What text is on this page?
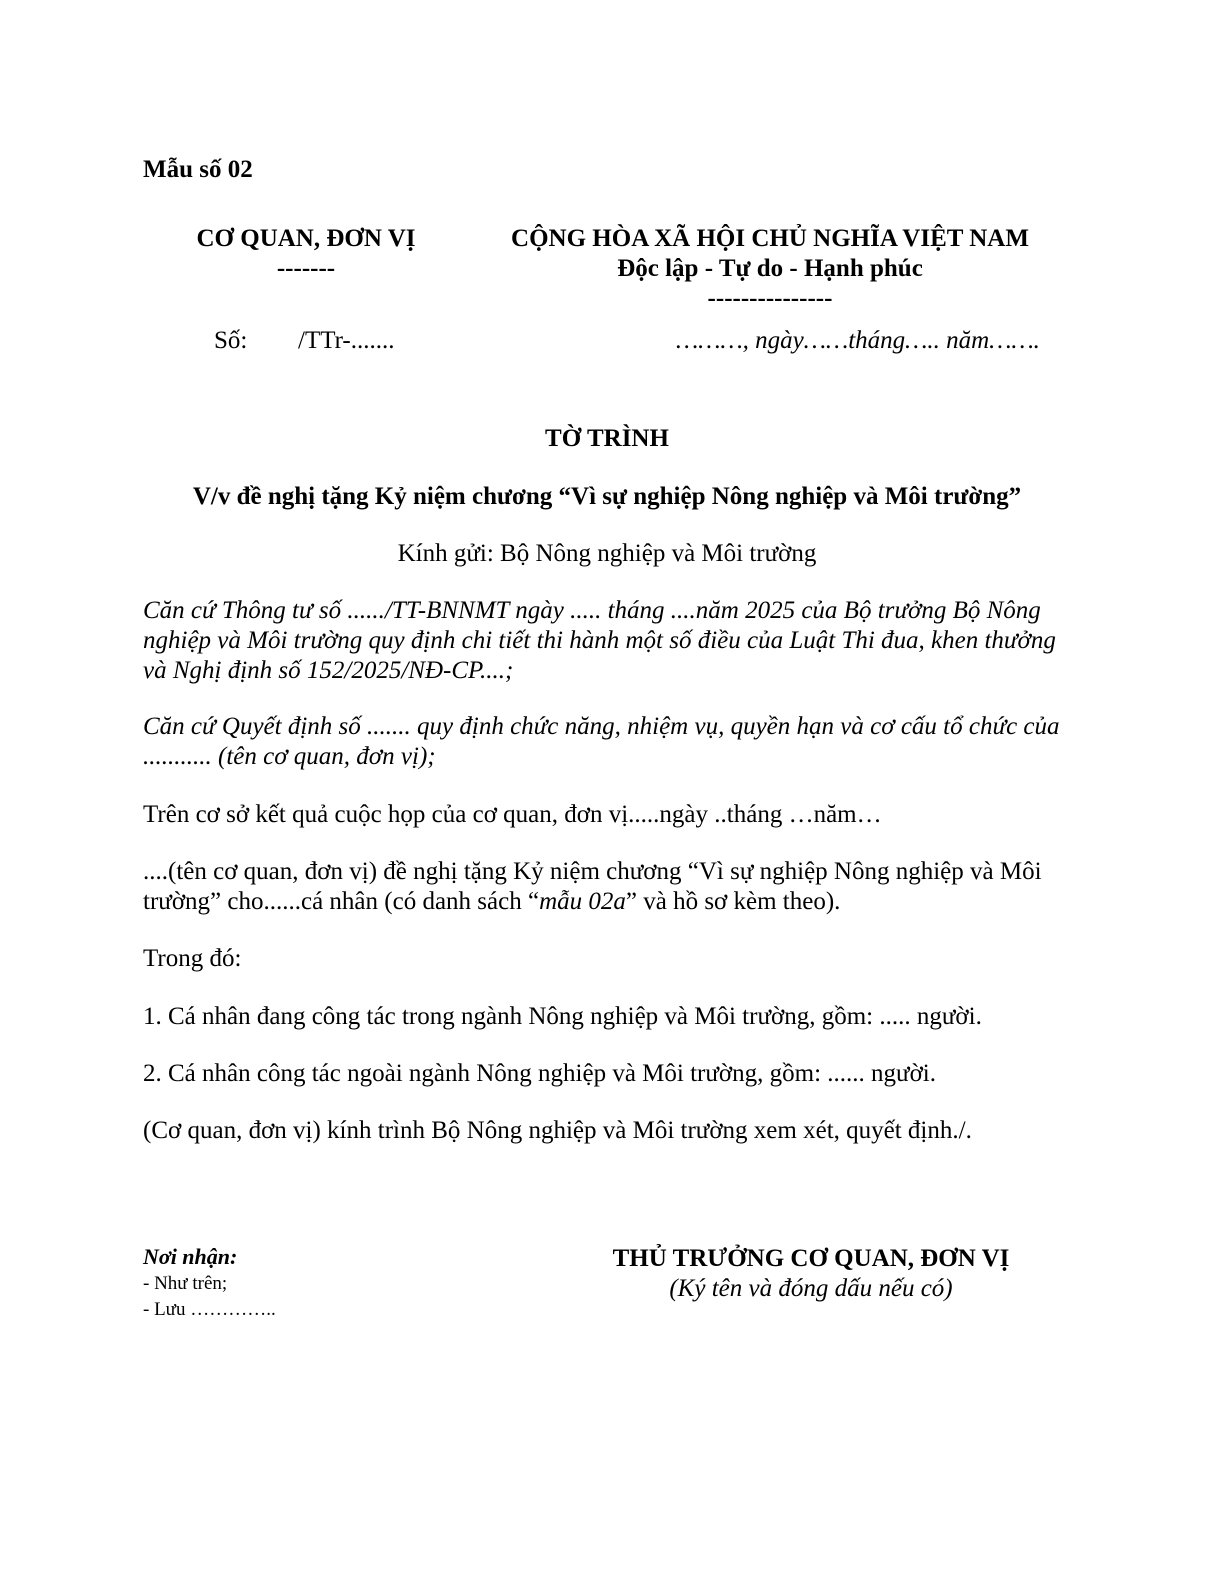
Mẫu số 02
CƠ QUAN, ĐƠN VỊ
-------
CỘNG HÒA XÃ HỘI CHỦ NGHĨA VIỆT NAM
Độc lập - Tự do - Hạnh phúc
---------------
Số: /TTr-.......	………, ngày……tháng….. năm…….
TỜ TRÌNH
V/v đề nghị tặng Kỷ niệm chương “Vì sự nghiệp Nông nghiệp và Môi trường”
Kính gửi: Bộ Nông nghiệp và Môi trường
Căn cứ Thông tư số ....../TT-BNNMT ngày ..... tháng ....năm 2025 của Bộ trưởng Bộ Nông nghiệp và Môi trường quy định chi tiết thi hành một số điều của Luật Thi đua, khen thưởng và Nghị định số 152/2025/NĐ-CP....;
Căn cứ Quyết định số ....... quy định chức năng, nhiệm vụ, quyền hạn và cơ cấu tổ chức của ........... (tên cơ quan, đơn vị);
Trên cơ sở kết quả cuộc họp của cơ quan, đơn vị.....ngày ..tháng …năm…
....(tên cơ quan, đơn vị) đề nghị tặng Kỷ niệm chương “Vì sự nghiệp Nông nghiệp và Môi trường” cho......cá nhân (có danh sách “mẫu 02a” và hồ sơ kèm theo).
Trong đó:
1. Cá nhân đang công tác trong ngành Nông nghiệp và Môi trường, gồm: ..... người.
2. Cá nhân công tác ngoài ngành Nông nghiệp và Môi trường, gồm: ...... người.
(Cơ quan, đơn vị) kính trình Bộ Nông nghiệp và Môi trường xem xét, quyết định./.
Nơi nhận:
- Như trên;
- Lưu …………..
THỦ TRƯỞNG CƠ QUAN, ĐƠN VỊ
(Ký tên và đóng dấu nếu có)
